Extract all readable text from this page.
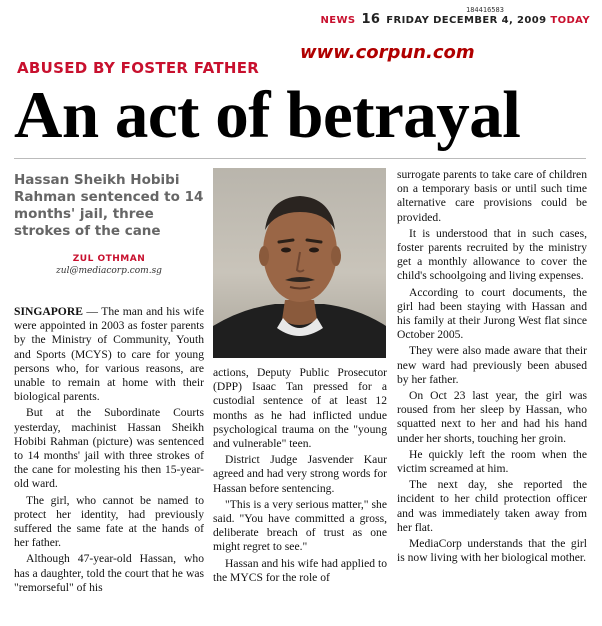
184416583
NEWS 16 FRIDAY DECEMBER 4, 2009 TODAY
www.corpun.com
ABUSED BY FOSTER FATHER
An act of betrayal
Hassan Sheikh Hobibi Rahman sentenced to 14 months' jail, three strokes of the cane
ZUL OTHMAN
zul@mediacorp.com.sg

SINGAPORE — The man and his wife were appointed in 2003 as foster parents by the Ministry of Community, Youth and Sports (MCYS) to care for young persons who, for various reasons, are unable to remain at home with their biological parents.

But at the Subordinate Courts yesterday, machinist Hassan Sheikh Hobibi Rahman (picture) was sentenced to 14 months' jail with three strokes of the cane for molesting his then 15-year-old ward.

The girl, who cannot be named to protect her identity, had previously suffered the same fate at the hands of her father.

Although 47-year-old Hassan, who has a daughter, told the court that he was "remorseful" of his

actions, Deputy Public Prosecutor (DPP) Isaac Tan pressed for a custodial sentence of at least 12 months as he had inflicted undue psychological trauma on the "young and vulnerable" teen.

District Judge Jasvender Kaur agreed and had very strong words for Hassan before sentencing.

"This is a very serious matter," she said. "You have committed a gross, deliberate breach of trust as one might regret to see."

Hassan and his wife had applied to the MYCS for the role of

surrogate parents to take care of children on a temporary basis or until such time alternative care provisions could be provided.

It is understood that in such cases, foster parents recruited by the ministry get a monthly allowance to cover the child's schoolgoing and living expenses.

According to court documents, the girl had been staying with Hassan and his family at their Jurong West flat since October 2005.

They were also made aware that their new ward had previously been abused by her father.

On Oct 23 last year, the girl was roused from her sleep by Hassan, who squatted next to her and had his hand under her shorts, touching her groin.

He quickly left the room when the victim screamed at him.

The next day, she reported the incident to her child protection officer and was immediately taken away from her flat.

MediaCorp understands that the girl is now living with her biological mother.
